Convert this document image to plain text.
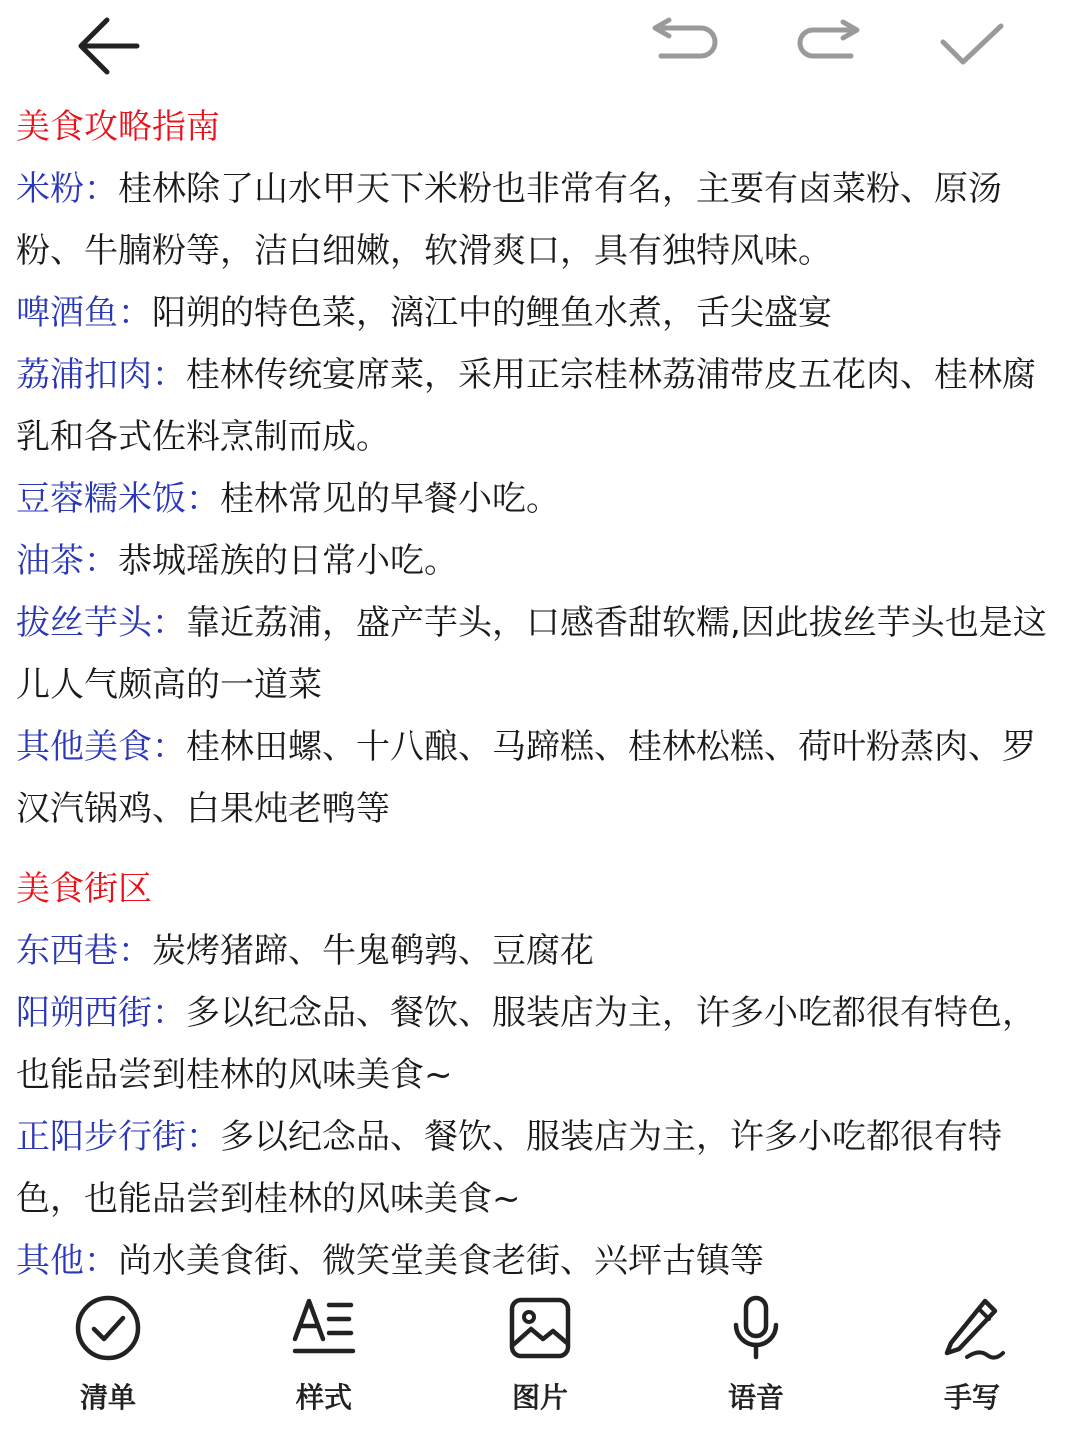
美食攻略指南

米粉：桂林除了山水甲天下米粉也非常有名，主要有卤菜粉、原汤粉、牛腩粉等，洁白细嫩，软滑爽口，具有独特风味。

啤酒鱼：阳朔的特色菜，漓江中的鲤鱼水煮，舌尖盛宴

荔浦扣肉：桂林传统宴席菜，采用正宗桂林荔浦带皮五花肉、桂林腐乳和各式佐料烹制而成。

豆蓉糯米饭：桂林常见的早餐小吃。

油茶：恭城瑶族的日常小吃。

拔丝芋头：靠近荔浦，盛产芋头，口感香甜软糯,因此拔丝芋头也是这儿人气颇高的一道菜

其他美食：桂林田螺、十八酿、马蹄糕、桂林松糕、荷叶粉蒸肉、罗汉汽锅鸡、白果炖老鸭等

美食街区

东西巷：炭烤猪蹄、牛鬼鹌鹑、豆腐花

阳朔西街：多以纪念品、餐饮、服装店为主，许多小吃都很有特色，也能品尝到桂林的风味美食~

正阳步行街：多以纪念品、餐饮、服装店为主，许多小吃都很有特色，也能品尝到桂林的风味美食~

其他：尚水美食街、微笑堂美食老街、兴坪古镇等

清单	样式	图片	语音	手写
